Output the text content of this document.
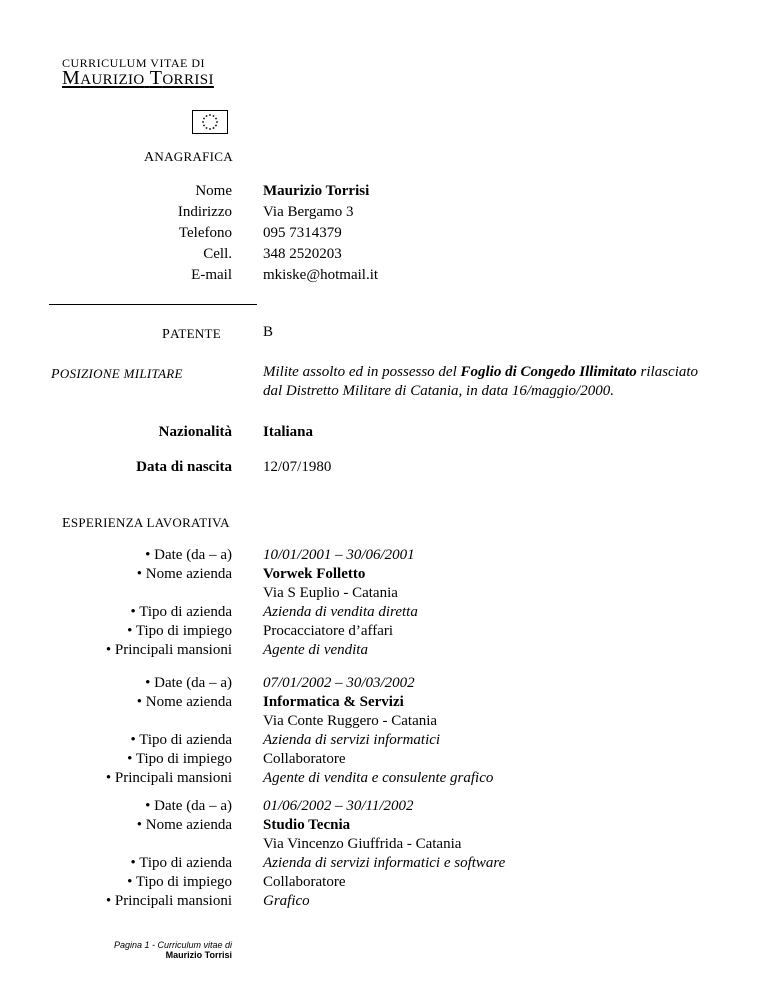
CURRICULUM VITAE DI
MAURIZIO TORRISI
ANAGRAFICA
Nome
Indirizzo
Telefono
Cell.
E-mail
Maurizio Torrisi
Via Bergamo 3
095 7314379
348 2520203
mkiske@hotmail.it
PATENTE	B
POSIZIONE MILITARE	Milite assolto ed in possesso del Foglio di Congedo Illimitato rilasciato
dal Distretto Militare di Catania, in data 16/maggio/2000.
Nazionalità Italiana
Data di nascita 12/07/1980
ESPERIENZA LAVORATIVA
• Date (da – a)
• Nome azienda
• Tipo di azienda
• Tipo di impiego
• Principali mansioni
10/01/2001 – 30/06/2001
Vorwek Folletto
Via S Euplio - Catania
Azienda di vendita diretta
Procacciatore d’affari
Agente di vendita
• Date (da – a)
• Nome azienda
• Tipo di azienda
• Tipo di impiego
• Principali mansioni
07/01/2002 – 30/03/2002
Informatica & Servizi
Via Conte Ruggero - Catania
Azienda di servizi informatici
Collaboratore
Agente di vendita e consulente grafico
• Date (da – a)
• Nome azienda
• Tipo di azienda
• Tipo di impiego
• Principali mansioni
01/06/2002 – 30/11/2002
Studio Tecnia
Via Vincenzo Giuffrida - Catania
Azienda di servizi informatici e software
Collaboratore
Grafico
Pagina 1 - Curriculum vitae di
Maurizio Torrisi
